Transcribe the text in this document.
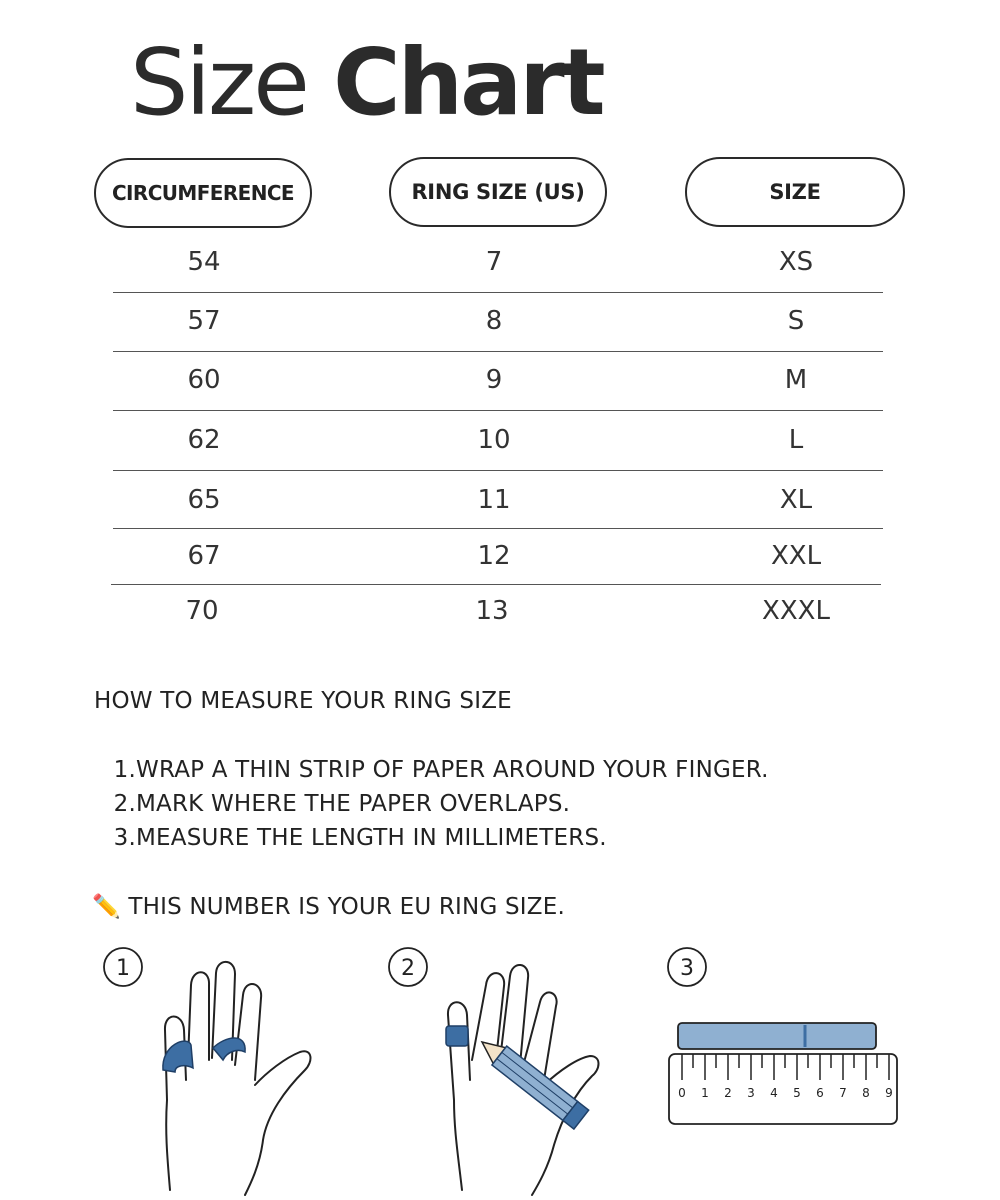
Size Chart
CIRCUMFERENCE	RING SIZE (US)	SIZE
54	7	XS
57	8	S
60	9	M
62	10	L
65	11	XL
67	12	XXL
70	13	XXXL
HOW TO MEASURE YOUR RING SIZE
1.WRAP A THIN STRIP OF PAPER AROUND YOUR FINGER.
2.MARK WHERE THE PAPER OVERLAPS.
3.MEASURE THE LENGTH IN MILLIMETERS.
✏️ THIS NUMBER IS YOUR EU RING SIZE.
1	2	3
0 1 2 3 4 5 6 7 8 9
